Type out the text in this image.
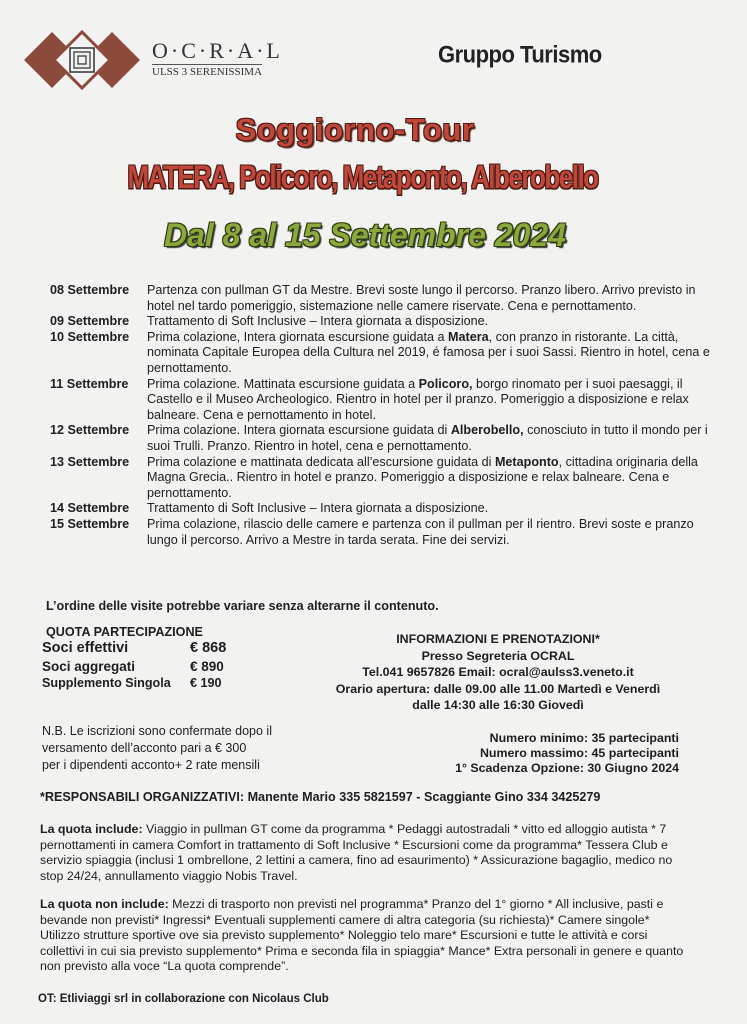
O·C·R·A·L
ULSS 3 SERENISSIMA
Gruppo Turismo
Soggiorno-Tour
MATERA, Policoro, Metaponto, Alberobello
Dal 8 al 15 Settembre 2024
08 Settembre	Partenza con pullman GT da Mestre. Brevi soste lungo il percorso. Pranzo libero. Arrivo previsto in hotel nel tardo pomeriggio, sistemazione nelle camere riservate. Cena e pernottamento.
09 Settembre	Trattamento di Soft Inclusive – Intera giornata a disposizione.
10 Settembre	Prima colazione, Intera giornata escursione guidata a Matera, con pranzo in ristorante. La città, nominata Capitale Europea della Cultura nel 2019, é famosa per i suoi Sassi. Rientro in hotel, cena e pernottamento.
11 Settembre	Prima colazione. Mattinata escursione guidata a Policoro, borgo rinomato per i suoi paesaggi, il Castello e il Museo Archeologico. Rientro in hotel per il pranzo. Pomeriggio a disposizione e relax balneare. Cena e pernottamento in hotel.
12 Settembre	Prima colazione. Intera giornata escursione guidata di Alberobello, conosciuto in tutto il mondo per i suoi Trulli. Pranzo. Rientro in hotel, cena e pernottamento.
13 Settembre	Prima colazione e mattinata dedicata all’escursione guidata di Metaponto, cittadina originaria della Magna Grecia.. Rientro in hotel e pranzo. Pomeriggio a disposizione e relax balneare. Cena e pernottamento.
14 Settembre	Trattamento di Soft Inclusive – Intera giornata a disposizione.
15 Settembre	Prima colazione, rilascio delle camere e partenza con il pullman per il rientro. Brevi soste e pranzo lungo il percorso. Arrivo a Mestre in tarda serata. Fine dei servizi.
L’ordine delle visite potrebbe variare senza alterarne il contenuto.
QUOTA PARTECIPAZIONE
Soci effettivi	€ 868
Soci aggregati	€ 890
Supplemento Singola	€ 190
INFORMAZIONI E PRENOTAZIONI*
Presso Segreteria OCRAL
Tel.041 9657826 Email: ocral@aulss3.veneto.it
Orario apertura: dalle 09.00 alle 11.00 Martedì e Venerdì
dalle 14:30 alle 16:30 Giovedì
N.B. Le iscrizioni sono confermate dopo il
versamento dell’acconto pari a € 300
per i dipendenti acconto+ 2 rate mensili
Numero minimo: 35 partecipanti
Numero massimo: 45 partecipanti
1° Scadenza Opzione: 30 Giugno 2024
*RESPONSABILI ORGANIZZATIVI: Manente Mario 335 5821597 - Scaggiante Gino 334 3425279
La quota include: Viaggio in pullman GT come da programma * Pedaggi autostradali * vitto ed alloggio autista * 7 pernottamenti in camera Comfort in trattamento di Soft Inclusive * Escursioni come da programma* Tessera Club e servizio spiaggia (inclusi 1 ombrellone, 2 lettini a camera, fino ad esaurimento) * Assicurazione bagaglio, medico no stop 24/24, annullamento viaggio Nobis Travel.
La quota non include: Mezzi di trasporto non previsti nel programma* Pranzo del 1° giorno * All inclusive, pasti e bevande non previsti* Ingressi* Eventuali supplementi camere di altra categoria (su richiesta)* Camere singole* Utilizzo strutture sportive ove sia previsto supplemento* Noleggio telo mare* Escursioni e tutte le attività e corsi collettivi in cui sia previsto supplemento* Prima e seconda fila in spiaggia* Mance* Extra personali in genere e quanto non previsto alla voce “La quota comprende”.
OT: Etliviaggi srl in collaborazione con Nicolaus Club
